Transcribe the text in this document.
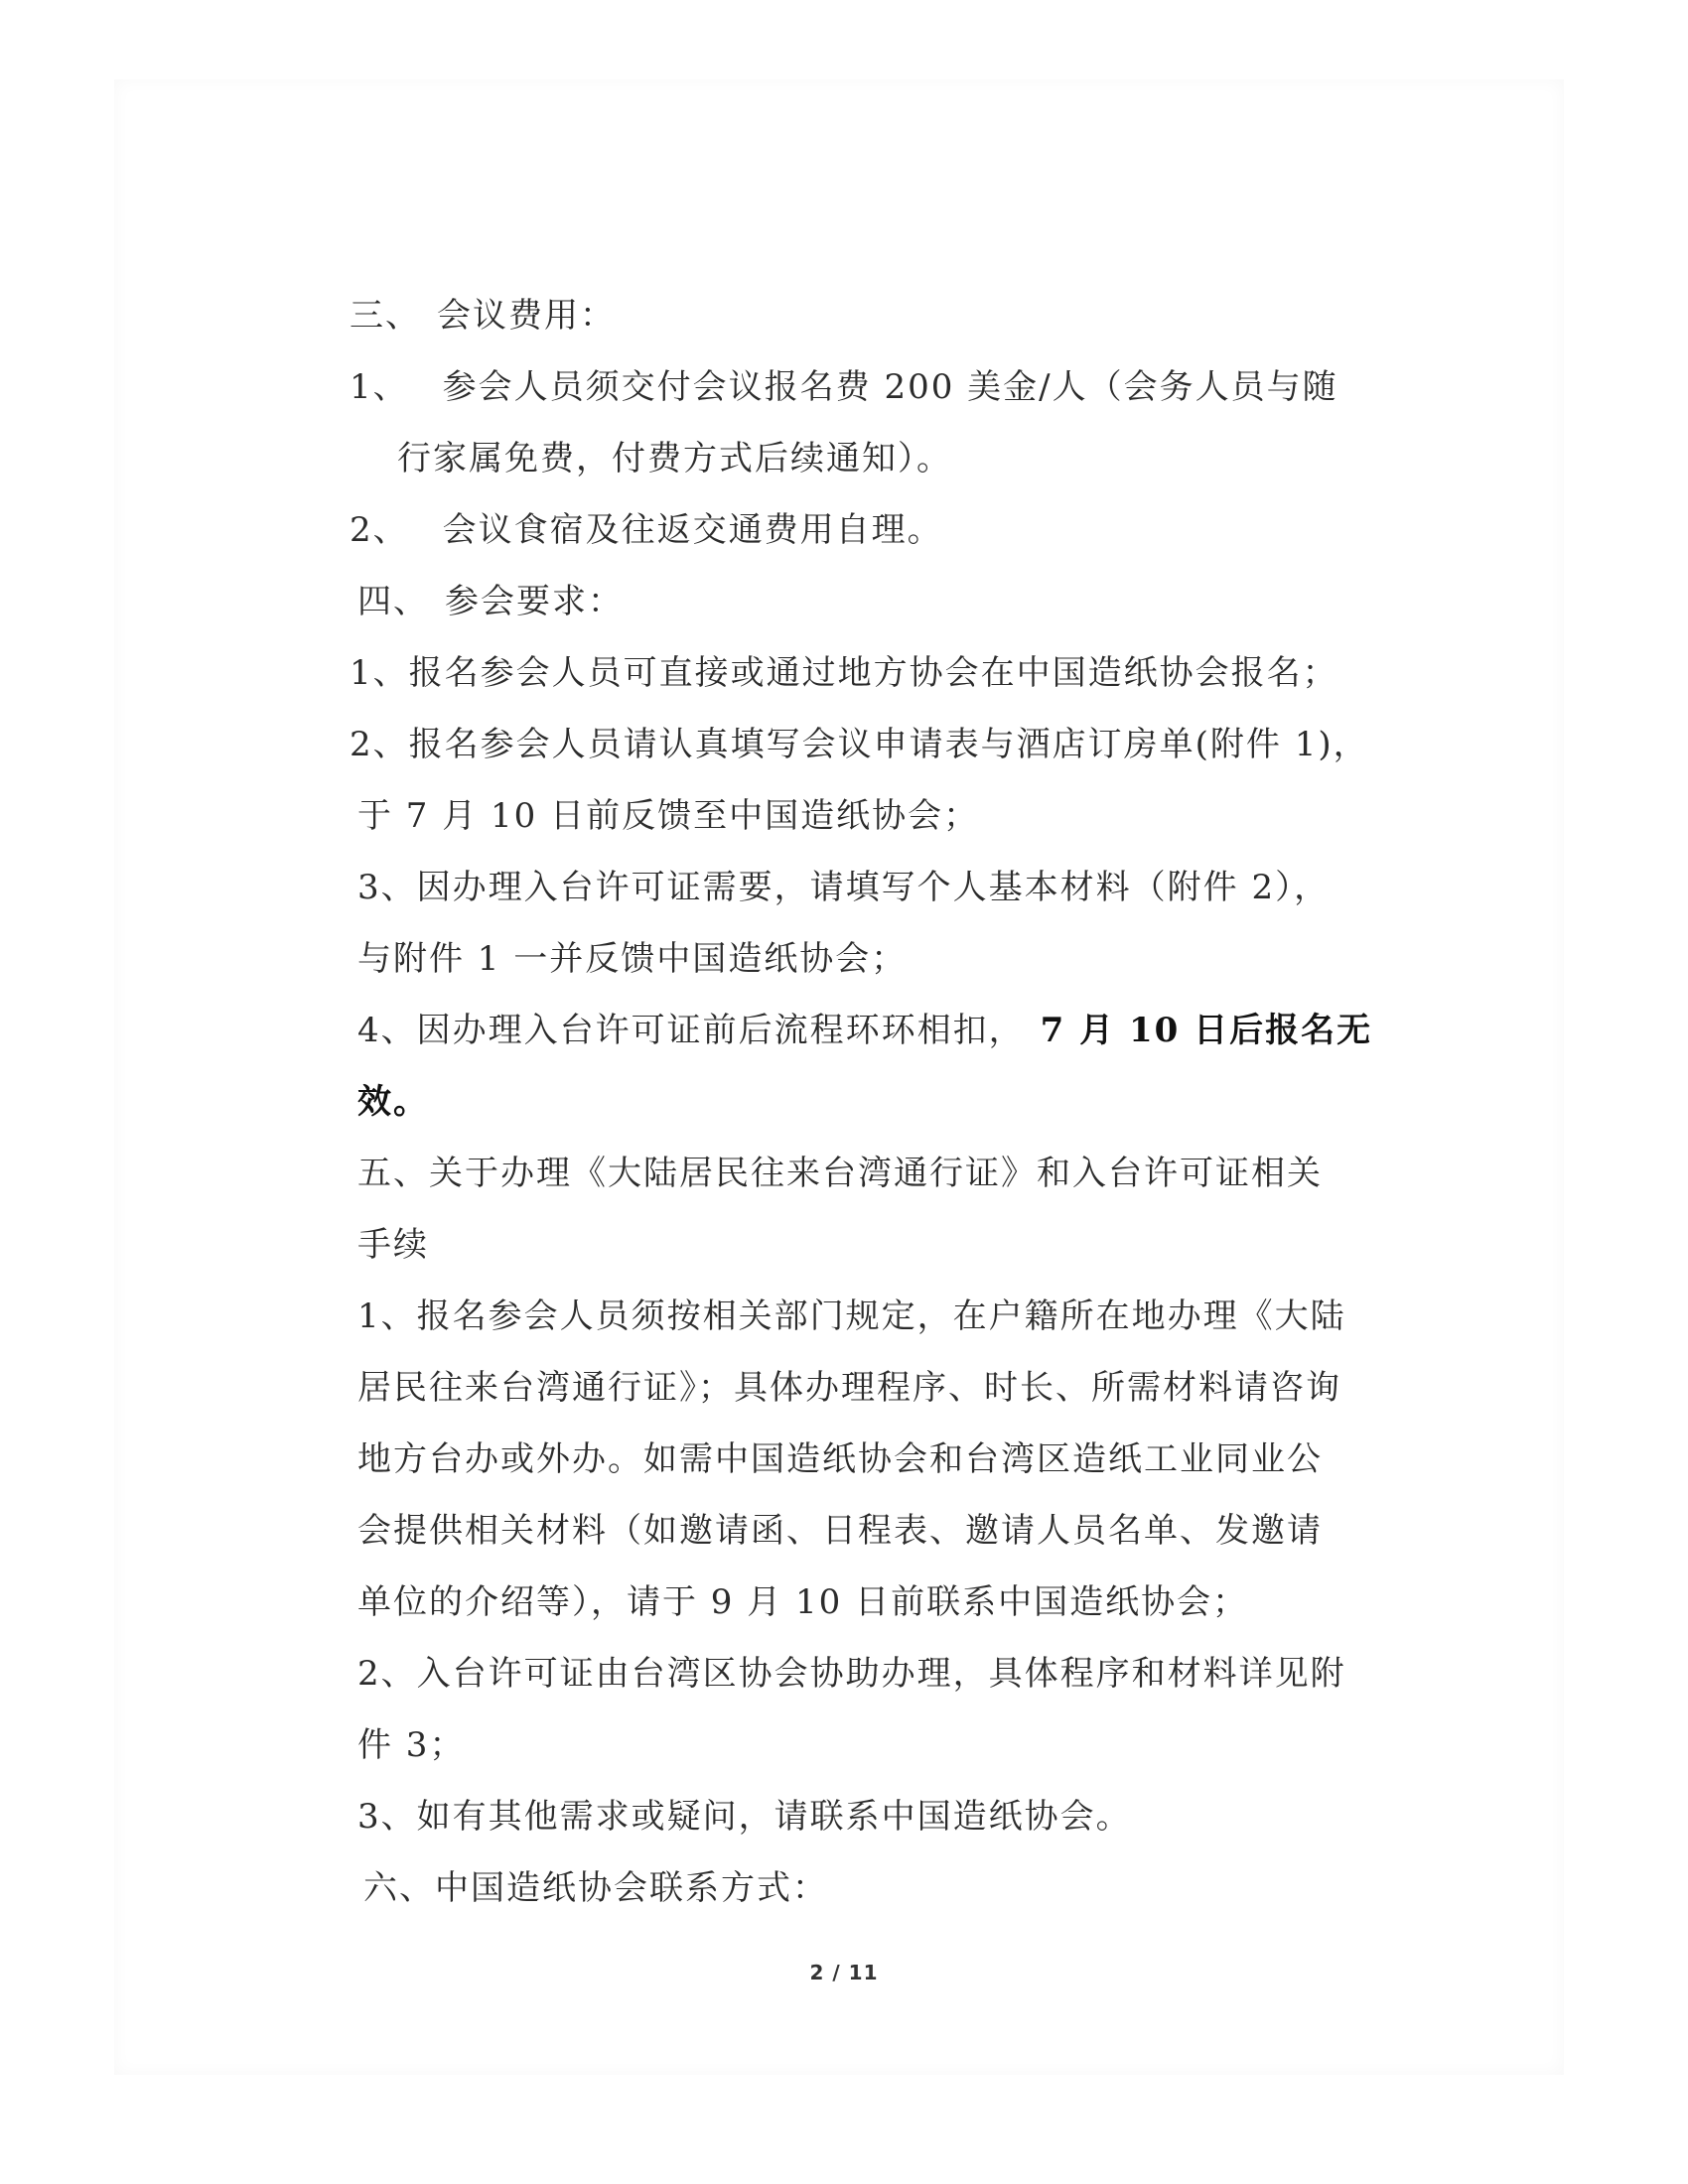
三、 会议费用：
1、 参会人员须交付会议报名费 200 美金/人（会务人员与随
行家属免费，付费方式后续通知）。
2、 会议食宿及往返交通费用自理。
四、 参会要求：
1、报名参会人员可直接或通过地方协会在中国造纸协会报名；
2、报名参会人员请认真填写会议申请表与酒店订房单(附件 1)，
于 7 月 10 日前反馈至中国造纸协会；
3、因办理入台许可证需要，请填写个人基本材料（附件 2），
与附件 1 一并反馈中国造纸协会；
4、因办理入台许可证前后流程环环相扣， 7 月 10 日后报名无
效。
五、关于办理《大陆居民往来台湾通行证》和入台许可证相关
手续
1、报名参会人员须按相关部门规定，在户籍所在地办理《大陆
居民往来台湾通行证》；具体办理程序、时长、所需材料请咨询
地方台办或外办。如需中国造纸协会和台湾区造纸工业同业公
会提供相关材料（如邀请函、日程表、邀请人员名单、发邀请
单位的介绍等），请于 9 月 10 日前联系中国造纸协会；
2、入台许可证由台湾区协会协助办理，具体程序和材料详见附
件 3；
3、如有其他需求或疑问，请联系中国造纸协会。
六、中国造纸协会联系方式：
2 / 11
